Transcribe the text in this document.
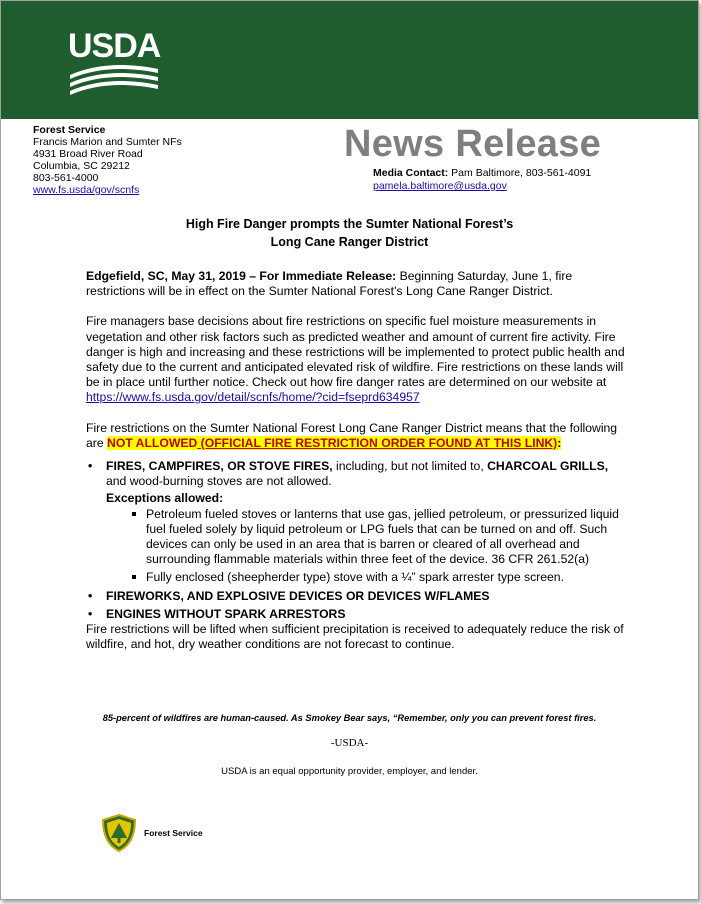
USDA
Forest Service
Francis Marion and Sumter NFs
4931 Broad River Road
Columbia, SC 29212
803-561-4000
www.fs.usda/gov/scnfs
News Release
Media Contact: Pam Baltimore, 803-561-4091
pamela.baltimore@usda.gov
High Fire Danger prompts the Sumter National Forest’s
Long Cane Ranger District

Edgefield, SC, May 31, 2019 – For Immediate Release: Beginning Saturday, June 1, fire restrictions will be in effect on the Sumter National Forest’s Long Cane Ranger District.

Fire managers base decisions about fire restrictions on specific fuel moisture measurements in vegetation and other risk factors such as predicted weather and amount of current fire activity. Fire danger is high and increasing and these restrictions will be implemented to protect public health and safety due to the current and anticipated elevated risk of wildfire. Fire restrictions on these lands will be in place until further notice. Check out how fire danger rates are determined on our website at https://www.fs.usda.gov/detail/scnfs/home/?cid=fseprd634957

Fire restrictions on the Sumter National Forest Long Cane Ranger District means that the following are NOT ALLOWED (OFFICIAL FIRE RESTRICTION ORDER FOUND AT THIS LINK):

• FIRES, CAMPFIRES, OR STOVE FIRES, including, but not limited to, CHARCOAL GRILLS, and wood-burning stoves are not allowed.
Exceptions allowed:
Petroleum fueled stoves or lanterns that use gas, jellied petroleum, or pressurized liquid fuel fueled solely by liquid petroleum or LPG fuels that can be turned on and off. Such devices can only be used in an area that is barren or cleared of all overhead and surrounding flammable materials within three feet of the device. 36 CFR 261.52(a)
Fully enclosed (sheepherder type) stove with a ¼” spark arrester type screen.
• FIREWORKS, AND EXPLOSIVE DEVICES OR DEVICES W/FLAMES
• ENGINES WITHOUT SPARK ARRESTORS

Fire restrictions will be lifted when sufficient precipitation is received to adequately reduce the risk of wildfire, and hot, dry weather conditions are not forecast to continue.

85-percent of wildfires are human-caused. As Smokey Bear says, “Remember, only you can prevent forest fires.
-USDA-
USDA is an equal opportunity provider, employer, and lender.
Forest Service
